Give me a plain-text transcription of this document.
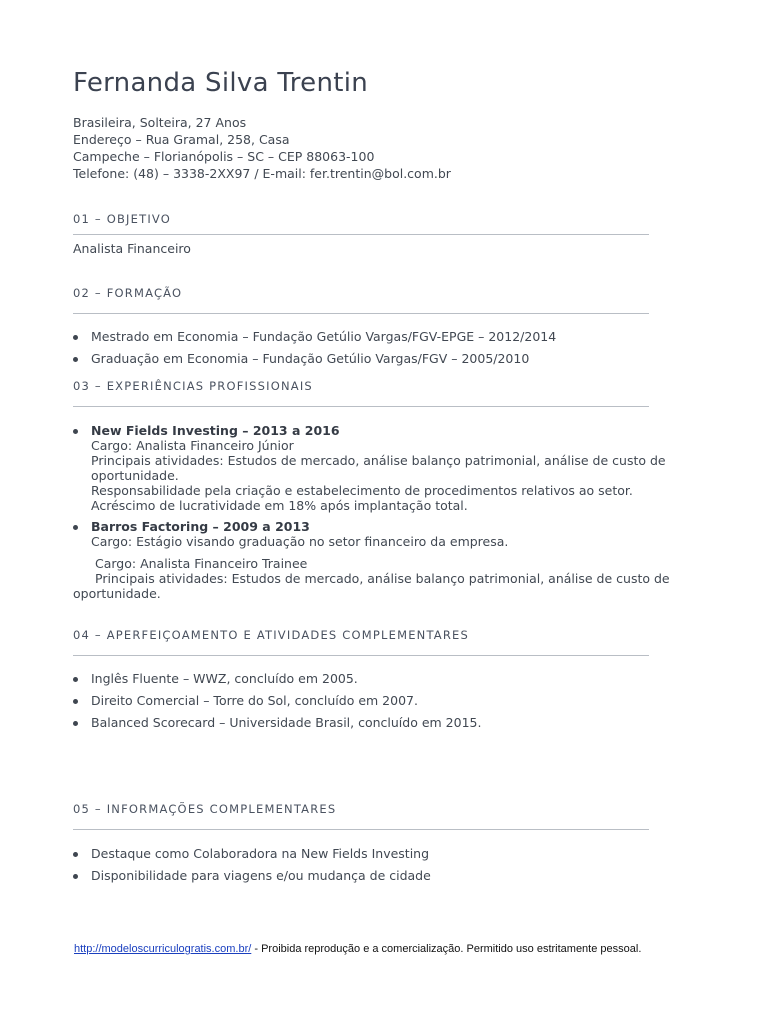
Fernanda Silva Trentin
Brasileira, Solteira, 27 Anos
Endereço – Rua Gramal, 258, Casa
Campeche – Florianópolis – SC – CEP 88063-100
Telefone: (48) – 3338-2XX97 / E-mail: fer.trentin@bol.com.br
01 – OBJETIVO
Analista Financeiro
02 – FORMAÇÃO
Mestrado em Economia – Fundação Getúlio Vargas/FGV-EPGE – 2012/2014
Graduação em Economia – Fundação Getúlio Vargas/FGV – 2005/2010
03 – EXPERIÊNCIAS PROFISSIONAIS
New Fields Investing – 2013 a 2016
Cargo: Analista Financeiro Júnior
Principais atividades: Estudos de mercado, análise balanço patrimonial, análise de custo de oportunidade.
Responsabilidade pela criação e estabelecimento de procedimentos relativos ao setor.
Acréscimo de lucratividade em 18% após implantação total.
Barros Factoring – 2009 a 2013
Cargo: Estágio visando graduação no setor financeiro da empresa.
Cargo: Analista Financeiro Trainee
Principais atividades: Estudos de mercado, análise balanço patrimonial, análise de custo de oportunidade.
04 – APERFEIÇOAMENTO E ATIVIDADES COMPLEMENTARES
Inglês Fluente – WWZ, concluído em 2005.
Direito Comercial – Torre do Sol, concluído em 2007.
Balanced Scorecard – Universidade Brasil, concluído em 2015.
05 – INFORMAÇÕES COMPLEMENTARES
Destaque como Colaboradora na New Fields Investing
Disponibilidade para viagens e/ou mudança de cidade
http://modeloscurriculogratis.com.br/ - Proibida reprodução e a comercialização. Permitido uso estritamente pessoal.
